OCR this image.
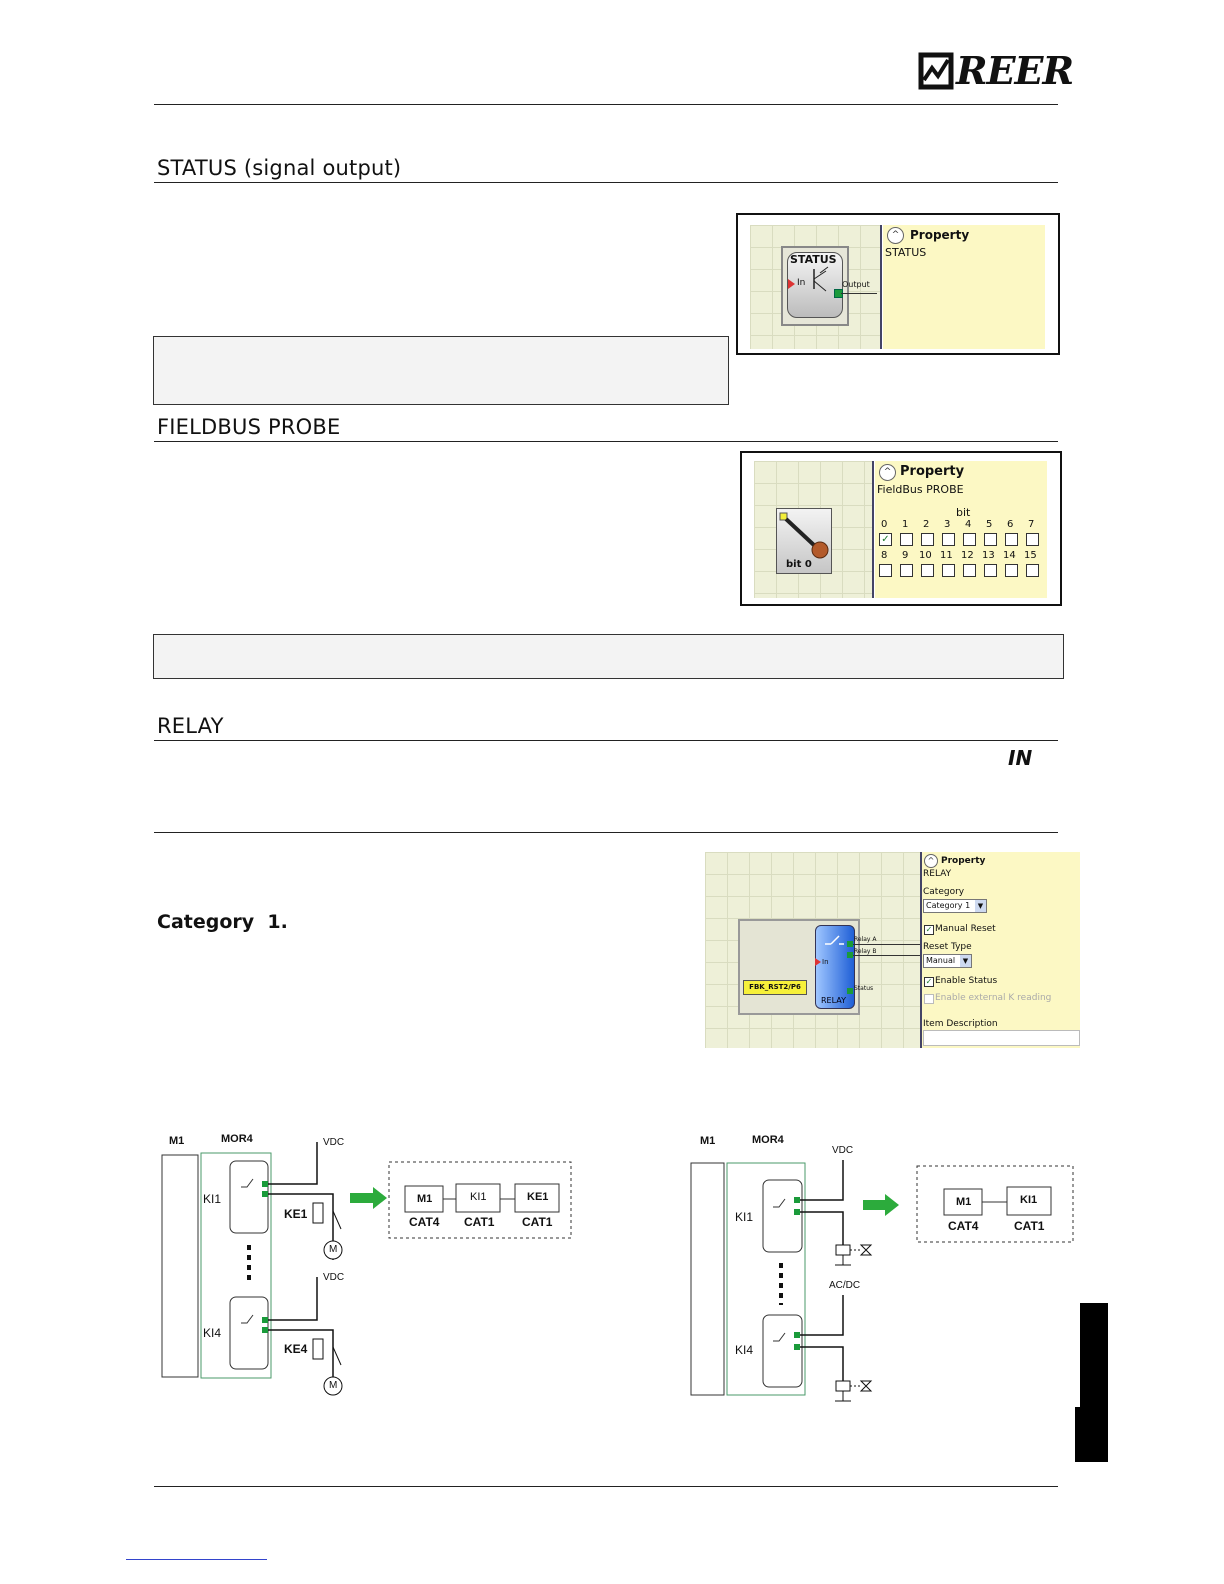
REER
STATUS (signal output)
STATUS
In	Output
^ Property
STATUS
FIELDBUS PROBE
bit 0
^ Property
FieldBus PROBE
bit
0
✓
1 2 3 4 5 6 7
8 9 10 11 12 13 14 15
RELAY
IN
Category  1.
In
RELAY
Relay A
Relay B
Status
FBK_RST2/P6
^ Property
RELAY
Category
Category 1	▼
✓ Manual Reset
Reset Type
Manual	▼
✓ Enable Status
Enable external K reading
Item Description
M1	MOR4
KI1
KI4
KE1
KE4
VDC
VDC
M
M
M1
CAT4
KI1
CAT1
KE1
CAT1
M1	MOR4
KI1
KI4
VDC
AC/DC
M1
CAT4
KI1
CAT1
